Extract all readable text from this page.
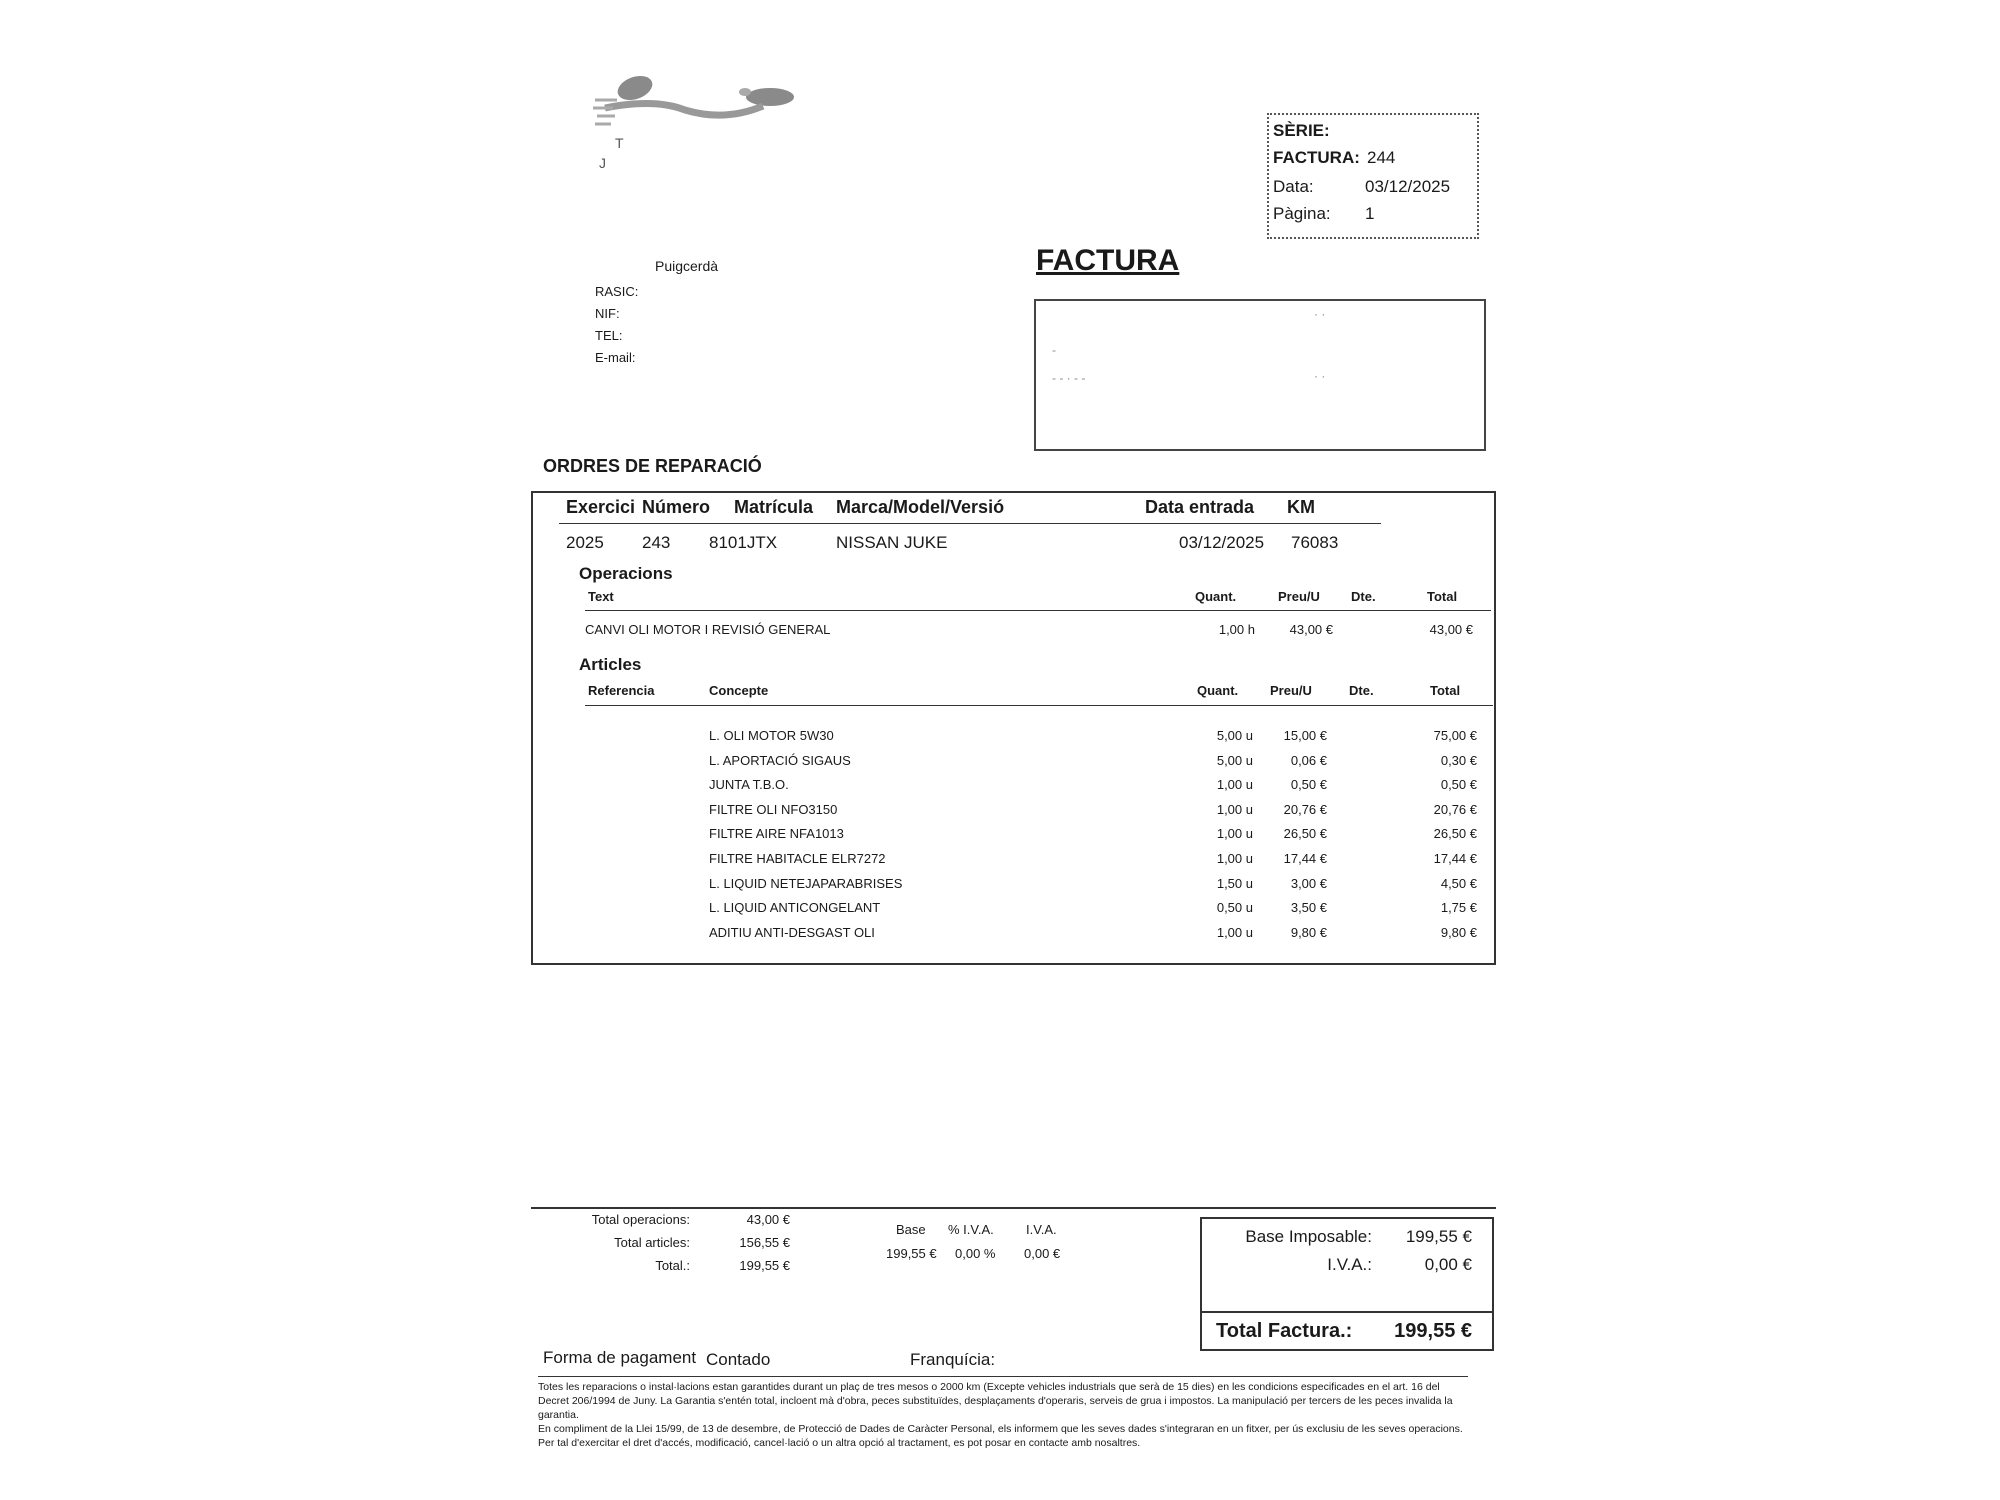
T
J
Puigcerdà
RASIC:
NIF:
TEL:
E-mail:
SÈRIE:
FACTURA: 244
Data:	03/12/2025
Pàgina: 1
FACTURA
· ·
-
- - · - -	· ·
ORDRES DE REPARACIÓ
Exercici Número Matrícula Marca/Model/Versió	Data entrada KM
2025 243 8101JTX	NISSAN JUKE	03/12/2025 76083
Operacions
Text	Quant.	Preu/U Dte.	Total
CANVI OLI MOTOR I REVISIÓ GENERAL	1,00 h	43,00 €	43,00 €
Articles
Referencia	Concepte	Quant. Preu/U	Dte.	Total
L. OLI MOTOR 5W30	5,00 u	15,00 €	75,00 €
L. APORTACIÓ SIGAUS	5,00 u	0,06 €	0,30 €
JUNTA T.B.O.	1,00 u	0,50 €	0,50 €
FILTRE OLI NFO3150	1,00 u	20,76 €	20,76 €
FILTRE AIRE NFA1013	1,00 u	26,50 €	26,50 €
FILTRE HABITACLE ELR7272	1,00 u	17,44 €	17,44 €
L. LIQUID NETEJAPARABRISES	1,50 u	3,00 €	4,50 €
L. LIQUID ANTICONGELANT	0,50 u	3,50 €	1,75 €
ADITIU ANTI-DESGAST OLI	1,00 u	9,80 €	9,80 €
Total operacions:	43,00 €
Total articles:	156,55 €
Total.:	199,55 €
Base % I.V.A. I.V.A.
199,55 € 0,00 % 0,00 €
Base Imposable:	199,55 €
I.V.A.:	0,00 €
Total Factura.:	199,55 €
Forma de pagament Contado	Franquícia:
Totes les reparacions o instal·lacions estan garantides durant un plaç de tres mesos o 2000 km (Excepte vehicles industrials que serà de 15 dies) en les condicions especificades en el art. 16 del Decret 206/1994 de Juny. La Garantia s'entén total, incloent mà d'obra, peces substituïdes, desplaçaments d'operaris, serveis de grua i impostos. La manipulació per tercers de les peces invalida la garantia.
En compliment de la Llei 15/99, de 13 de desembre, de Protecció de Dades de Caràcter Personal, els informem que les seves dades s'integraran en un fitxer, per ús exclusiu de les seves operacions. Per tal d'exercitar el dret d'accés, modificació, cancel·lació o un altra opció al tractament, es pot posar en contacte amb nosaltres.
